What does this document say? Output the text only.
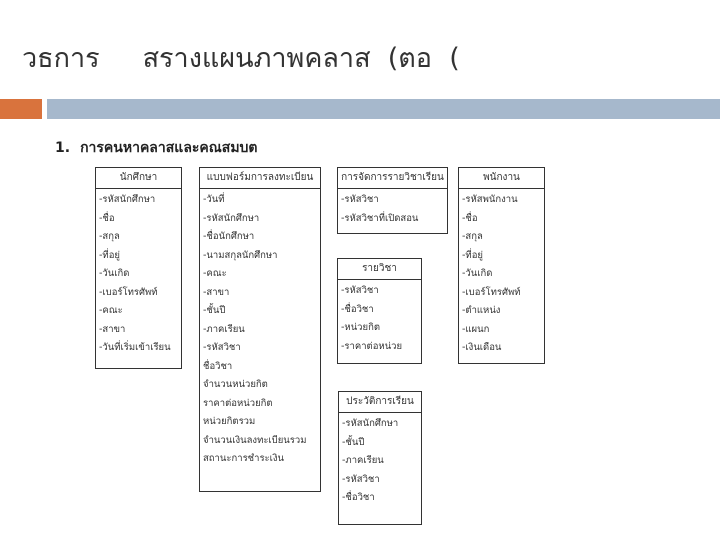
วธการ     สรางแผนภาพคลาส  (ตอ  (
1. การคนหาคลาสและคณสมบต
นักศึกษา
-รหัสนักศึกษา
-ชื่อ
-สกุล
-ที่อยู่
-วันเกิด
-เบอร์โทรศัพท์
-คณะ
-สาขา
-วันที่เริ่มเข้าเรียน
แบบฟอร์มการลงทะเบียน
-วันที่
-รหัสนักศึกษา
-ชื่อนักศึกษา
-นามสกุลนักศึกษา
-คณะ
-สาขา
-ชั้นปี
-ภาคเรียน
-รหัสวิชา
ชื่อวิชา
จำนวนหน่วยกิต
ราคาต่อหน่วยกิต
หน่วยกิตรวม
จำนวนเงินลงทะเบียนรวม
สถานะการชำระเงิน
การจัดการรายวิชาเรียน
-รหัสวิชา
-รหัสวิชาที่เปิดสอน
รายวิชา
-รหัสวิชา
-ชื่อวิชา
-หน่วยกิต
-ราคาต่อหน่วย
ประวัติการเรียน
-รหัสนักศึกษา
-ชั้นปี
-ภาคเรียน
-รหัสวิชา
-ชื่อวิชา
พนักงาน
-รหัสพนักงาน
-ชื่อ
-สกุล
-ที่อยู่
-วันเกิด
-เบอร์โทรศัพท์
-ตำแหน่ง
-แผนก
-เงินเดือน
